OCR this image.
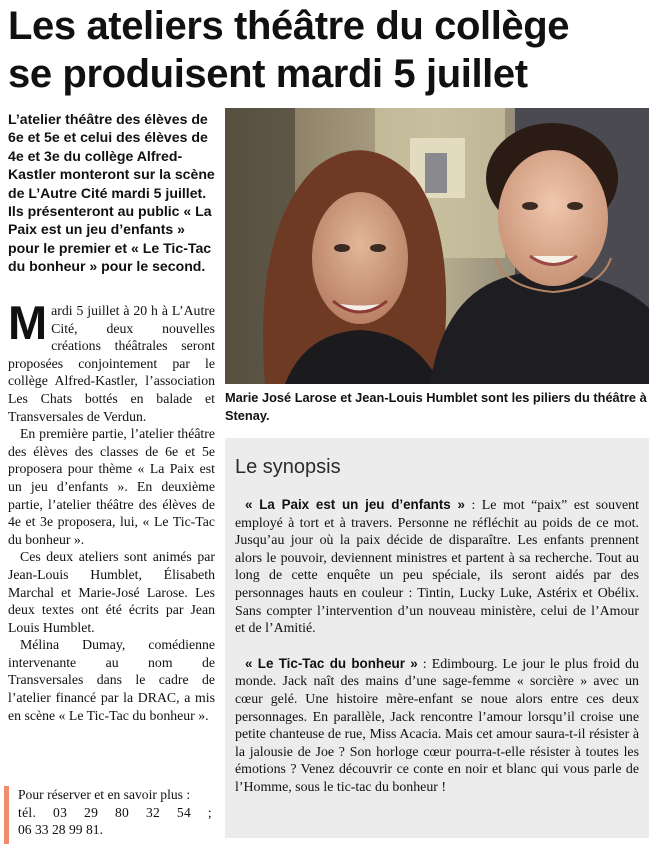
Les ateliers théâtre du collège
se produisent mardi 5 juillet
L’atelier théâtre des élèves de 6e et 5e et celui des élèves de 4e et 3e du collège Alfred-Kastler monteront sur la scène de L’Autre Cité mardi 5 juillet. Ils présenteront au public « La Paix est un jeu d’enfants » pour le premier et « Le Tic-Tac du bonheur » pour le second.

Mardi 5 juillet à 20 h à L’Autre Cité, deux nouvelles créations théâtrales seront proposées conjointement par le collège Alfred-Kastler, l’association Les Chats bottés en balade et Transversales de Verdun.

En première partie, l’atelier théâtre des élèves des classes de 6e et 5e proposera pour thème « La Paix est un jeu d’enfants ». En deuxième partie, l’atelier théâtre des élèves de 4e et 3e proposera, lui, « Le Tic-Tac du bonheur ».

Ces deux ateliers sont animés par Jean-Louis Humblet, Élisabeth Marchal et Marie-José Larose. Les deux textes ont été écrits par Jean Louis Humblet.

Mélina Dumay, comédienne intervenante au nom de Transversales dans le cadre de l’atelier financé par la DRAC, a mis en scène « Le Tic-Tac du bonheur ».

Pour réserver et en savoir plus :
tél. 03 29 80 32 54 ;
06 33 28 99 81.
Marie José Larose et Jean-Louis Humblet sont les piliers du théâtre à Stenay.
Le synopsis

« La Paix est un jeu d’enfants » : Le mot “paix” est souvent employé à tort et à travers. Personne ne réfléchit au poids de ce mot. Jusqu’au jour où la paix décide de disparaître. Les enfants prennent alors le pouvoir, deviennent ministres et partent à sa recherche. Tout au long de cette enquête un peu spéciale, ils seront aidés par des personnages hauts en couleur : Tintin, Lucky Luke, Astérix et Obélix. Sans compter l’intervention d’un nouveau ministère, celui de l’Amour et de l’Amitié.

« Le Tic-Tac du bonheur » : Edimbourg. Le jour le plus froid du monde. Jack naît des mains d’une sage-femme « sorcière » avec un cœur gelé. Une histoire mère-enfant se noue alors entre ces deux personnages. En parallèle, Jack rencontre l’amour lorsqu’il croise une petite chanteuse de rue, Miss Acacia. Mais cet amour saura-t-il résister à la jalousie de Joe ? Son horloge cœur pourra-t-elle résister à toutes les émotions ? Venez découvrir ce conte en noir et blanc qui vous parle de l’Homme, sous le tic-tac du bonheur !
